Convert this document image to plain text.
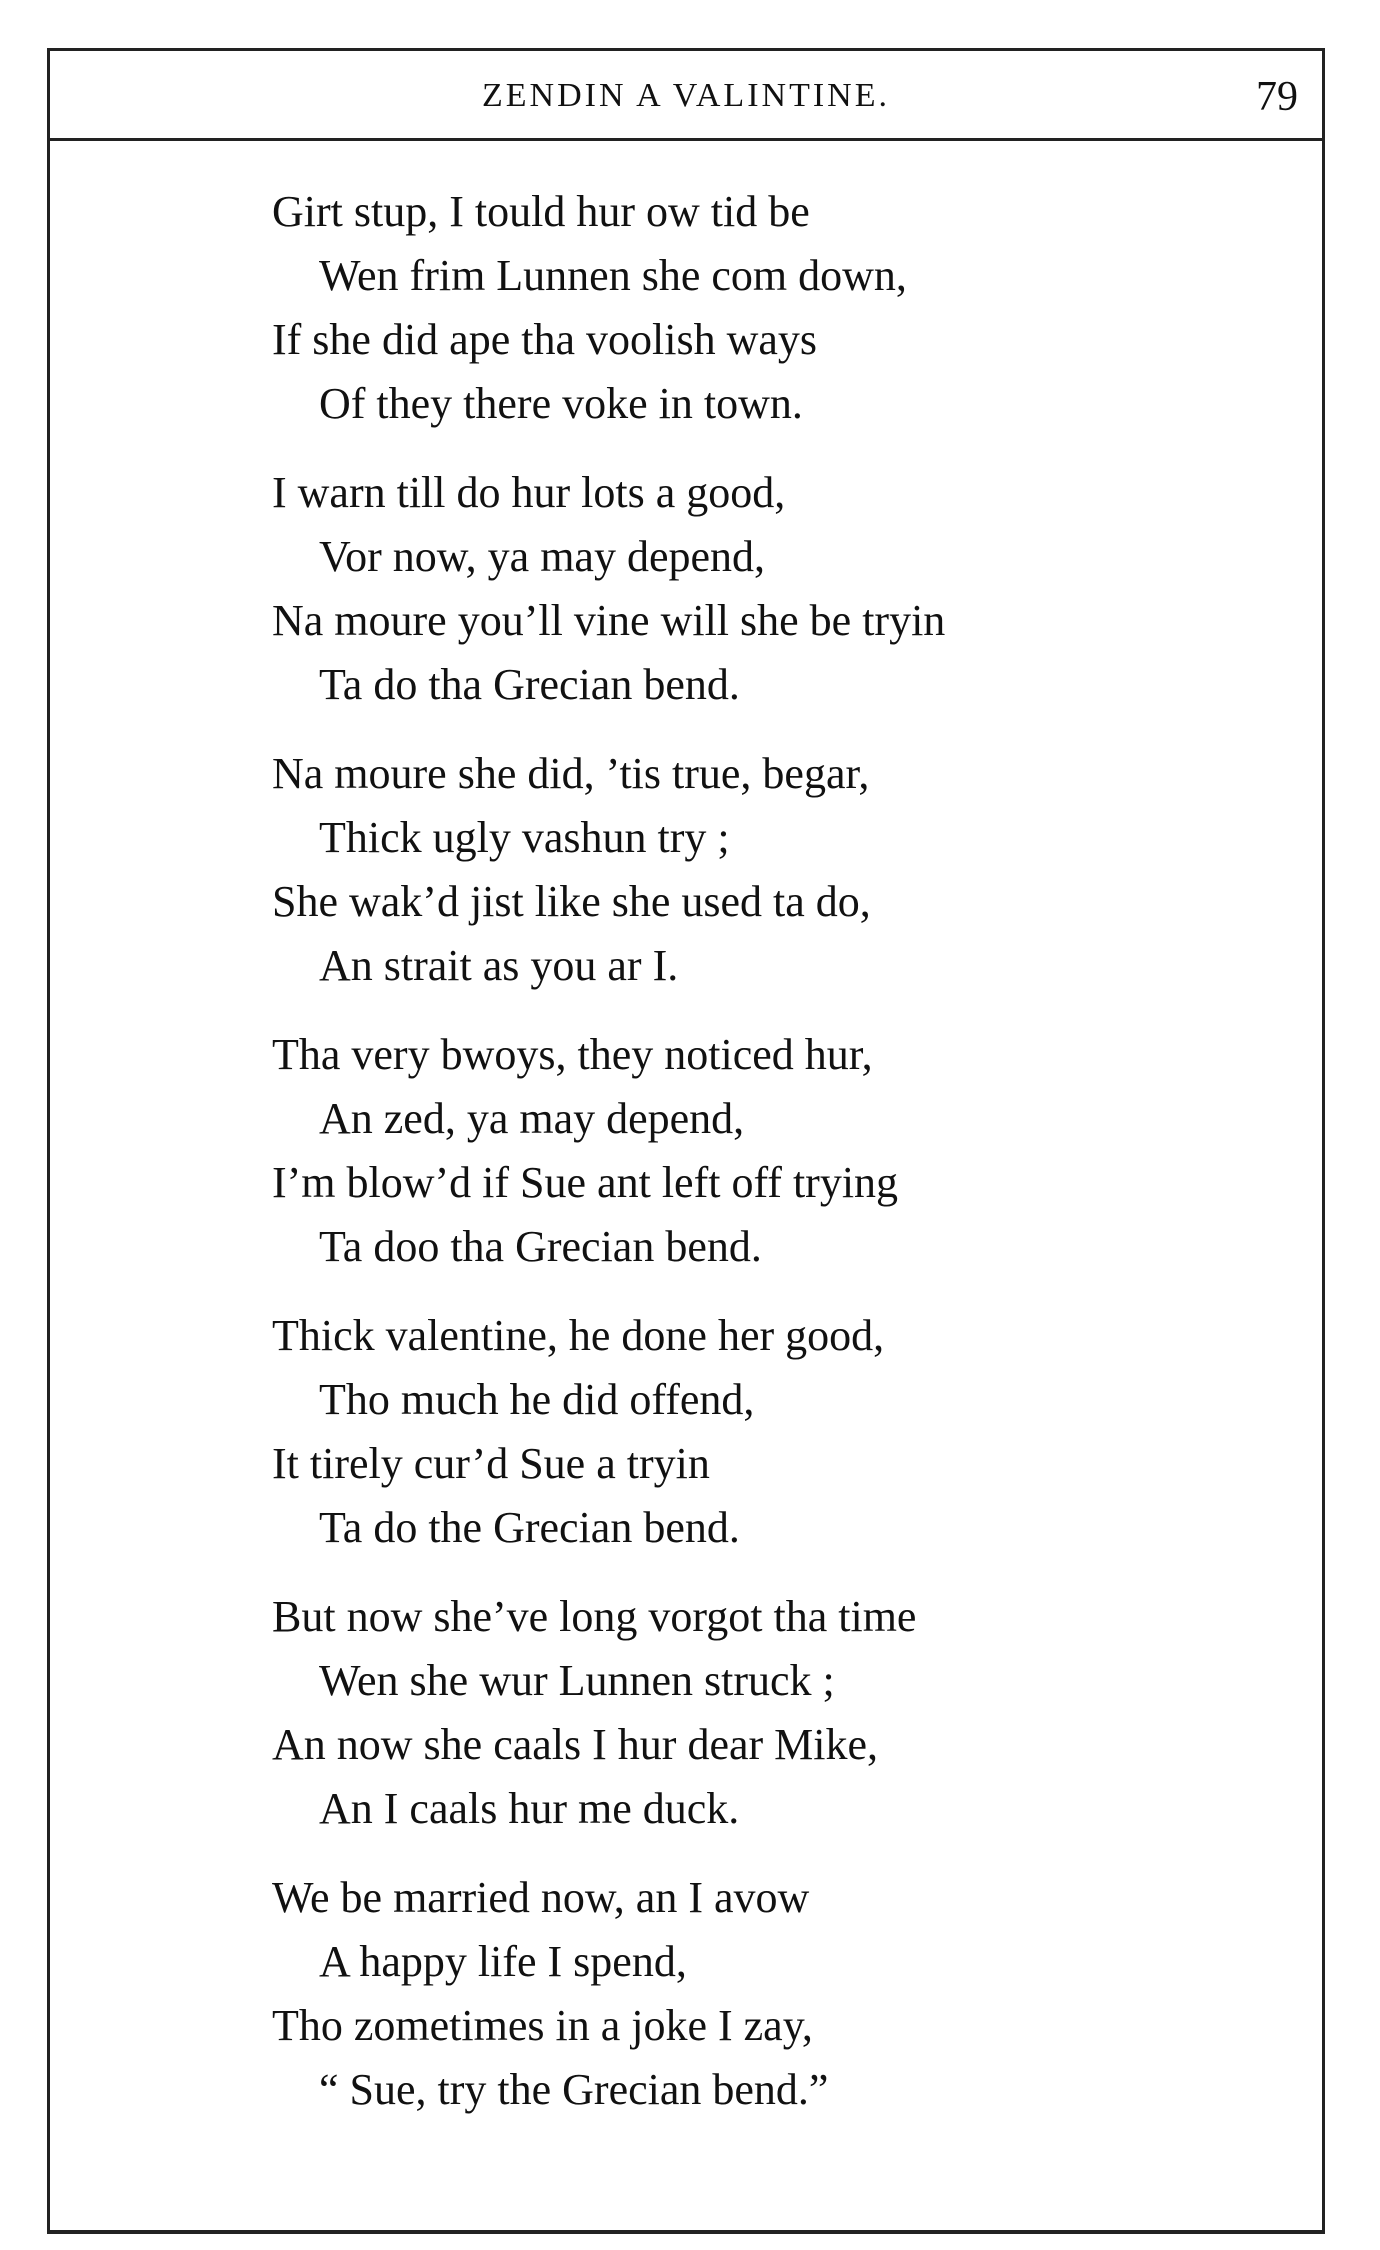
ZENDIN A VALINTINE.	79
Girt stup, I tould hur ow tid be
Wen frim Lunnen she com down,
If she did ape tha voolish ways
Of they there voke in town.
I warn till do hur lots a good,
Vor now, ya may depend,
Na moure you’ll vine will she be tryin
Ta do tha Grecian bend.
Na moure she did, ’tis true, begar,
Thick ugly vashun try ;
She wak’d jist like she used ta do,
An strait as you ar I.
Tha very bwoys, they noticed hur,
An zed, ya may depend,
I’m blow’d if Sue ant left off trying
Ta doo tha Grecian bend.
Thick valentine, he done her good,
Tho much he did offend,
It tirely cur’d Sue a tryin
Ta do the Grecian bend.
But now she’ve long vorgot tha time
Wen she wur Lunnen struck ;
An now she caals I hur dear Mike,
An I caals hur me duck.
We be married now, an I avow
A happy life I spend,
Tho zometimes in a joke I zay,
“ Sue, try the Grecian bend.”
